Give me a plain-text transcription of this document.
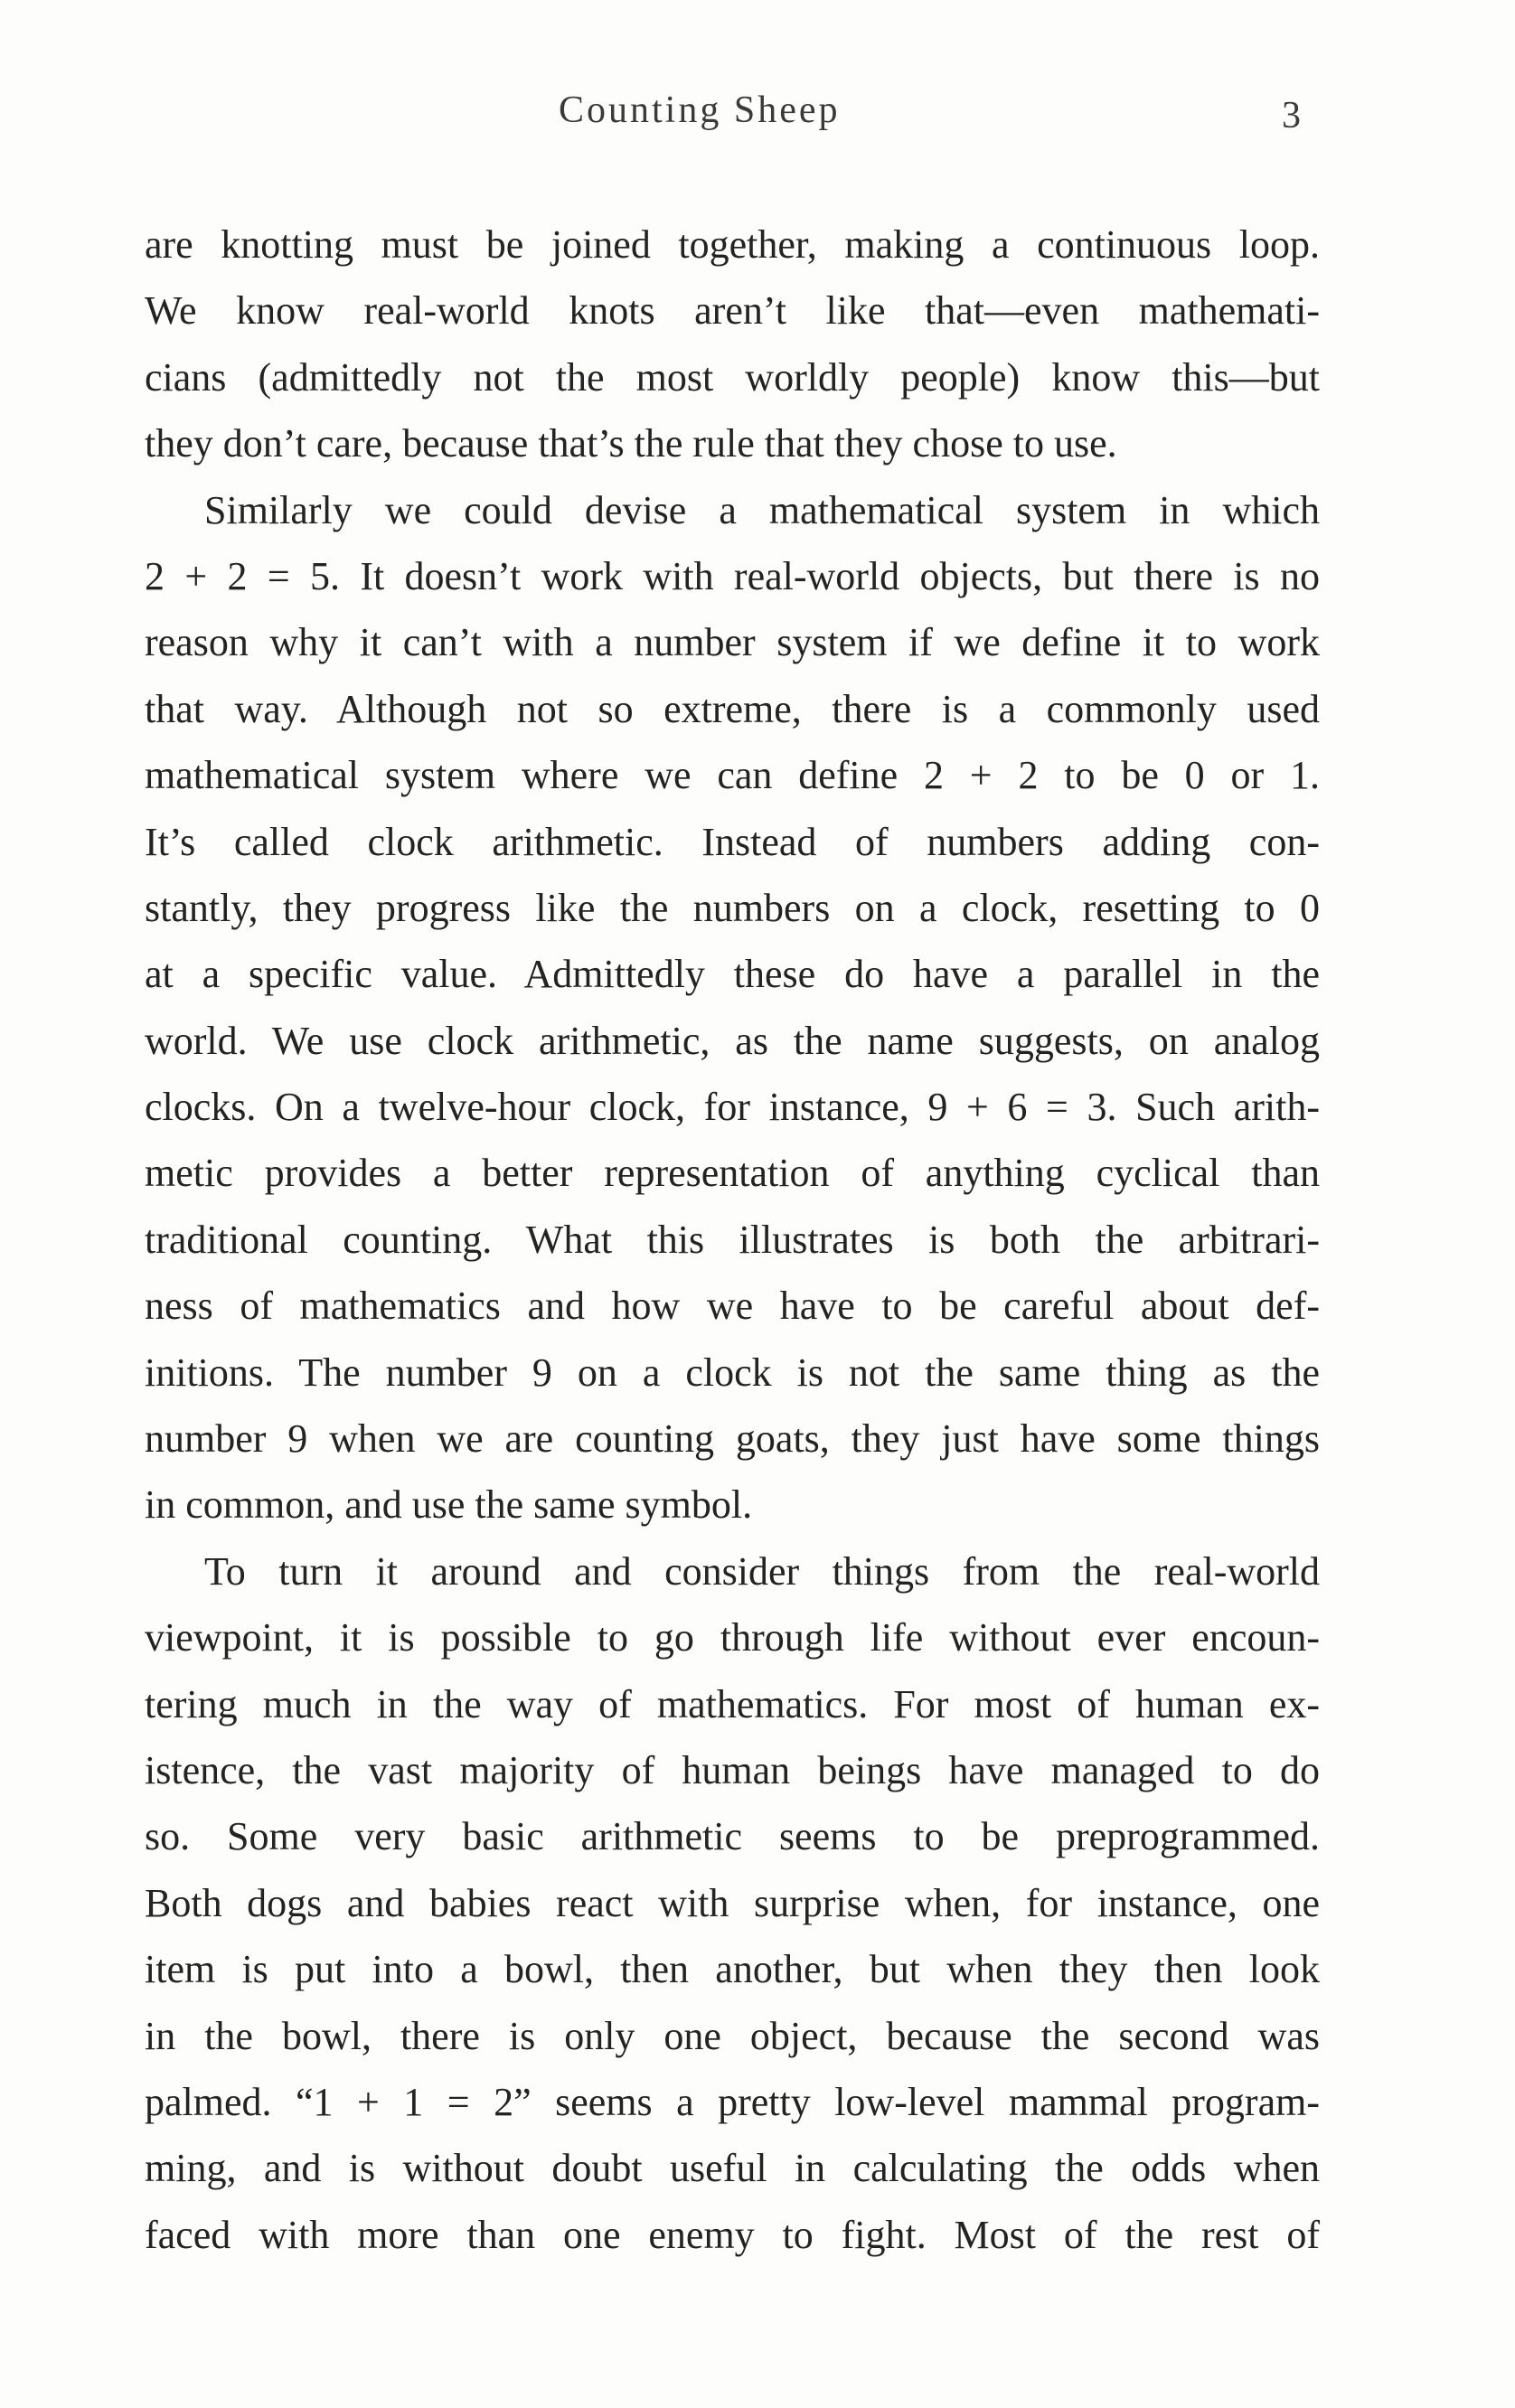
Counting Sheep	3

are knotting must be joined together, making a continuous loop.
We know real-world knots aren’t like that—even mathemati-
cians (admittedly not the most worldly people) know this—but
they don’t care, because that’s the rule that they chose to use.

Similarly we could devise a mathematical system in which
2 + 2 = 5. It doesn’t work with real-world objects, but there is no
reason why it can’t with a number system if we define it to work
that way. Although not so extreme, there is a commonly used
mathematical system where we can define 2 + 2 to be 0 or 1.
It’s called clock arithmetic. Instead of numbers adding con-
stantly, they progress like the numbers on a clock, resetting to 0
at a specific value. Admittedly these do have a parallel in the
world. We use clock arithmetic, as the name suggests, on analog
clocks. On a twelve-hour clock, for instance, 9 + 6 = 3. Such arith-
metic provides a better representation of anything cyclical than
traditional counting. What this illustrates is both the arbitrari-
ness of mathematics and how we have to be careful about def-
initions. The number 9 on a clock is not the same thing as the
number 9 when we are counting goats, they just have some things
in common, and use the same symbol.

To turn it around and consider things from the real-world
viewpoint, it is possible to go through life without ever encoun-
tering much in the way of mathematics. For most of human ex-
istence, the vast majority of human beings have managed to do
so. Some very basic arithmetic seems to be preprogrammed.
Both dogs and babies react with surprise when, for instance, one
item is put into a bowl, then another, but when they then look
in the bowl, there is only one object, because the second was
palmed. “1 + 1 = 2” seems a pretty low-level mammal program-
ming, and is without doubt useful in calculating the odds when
faced with more than one enemy to fight. Most of the rest of
